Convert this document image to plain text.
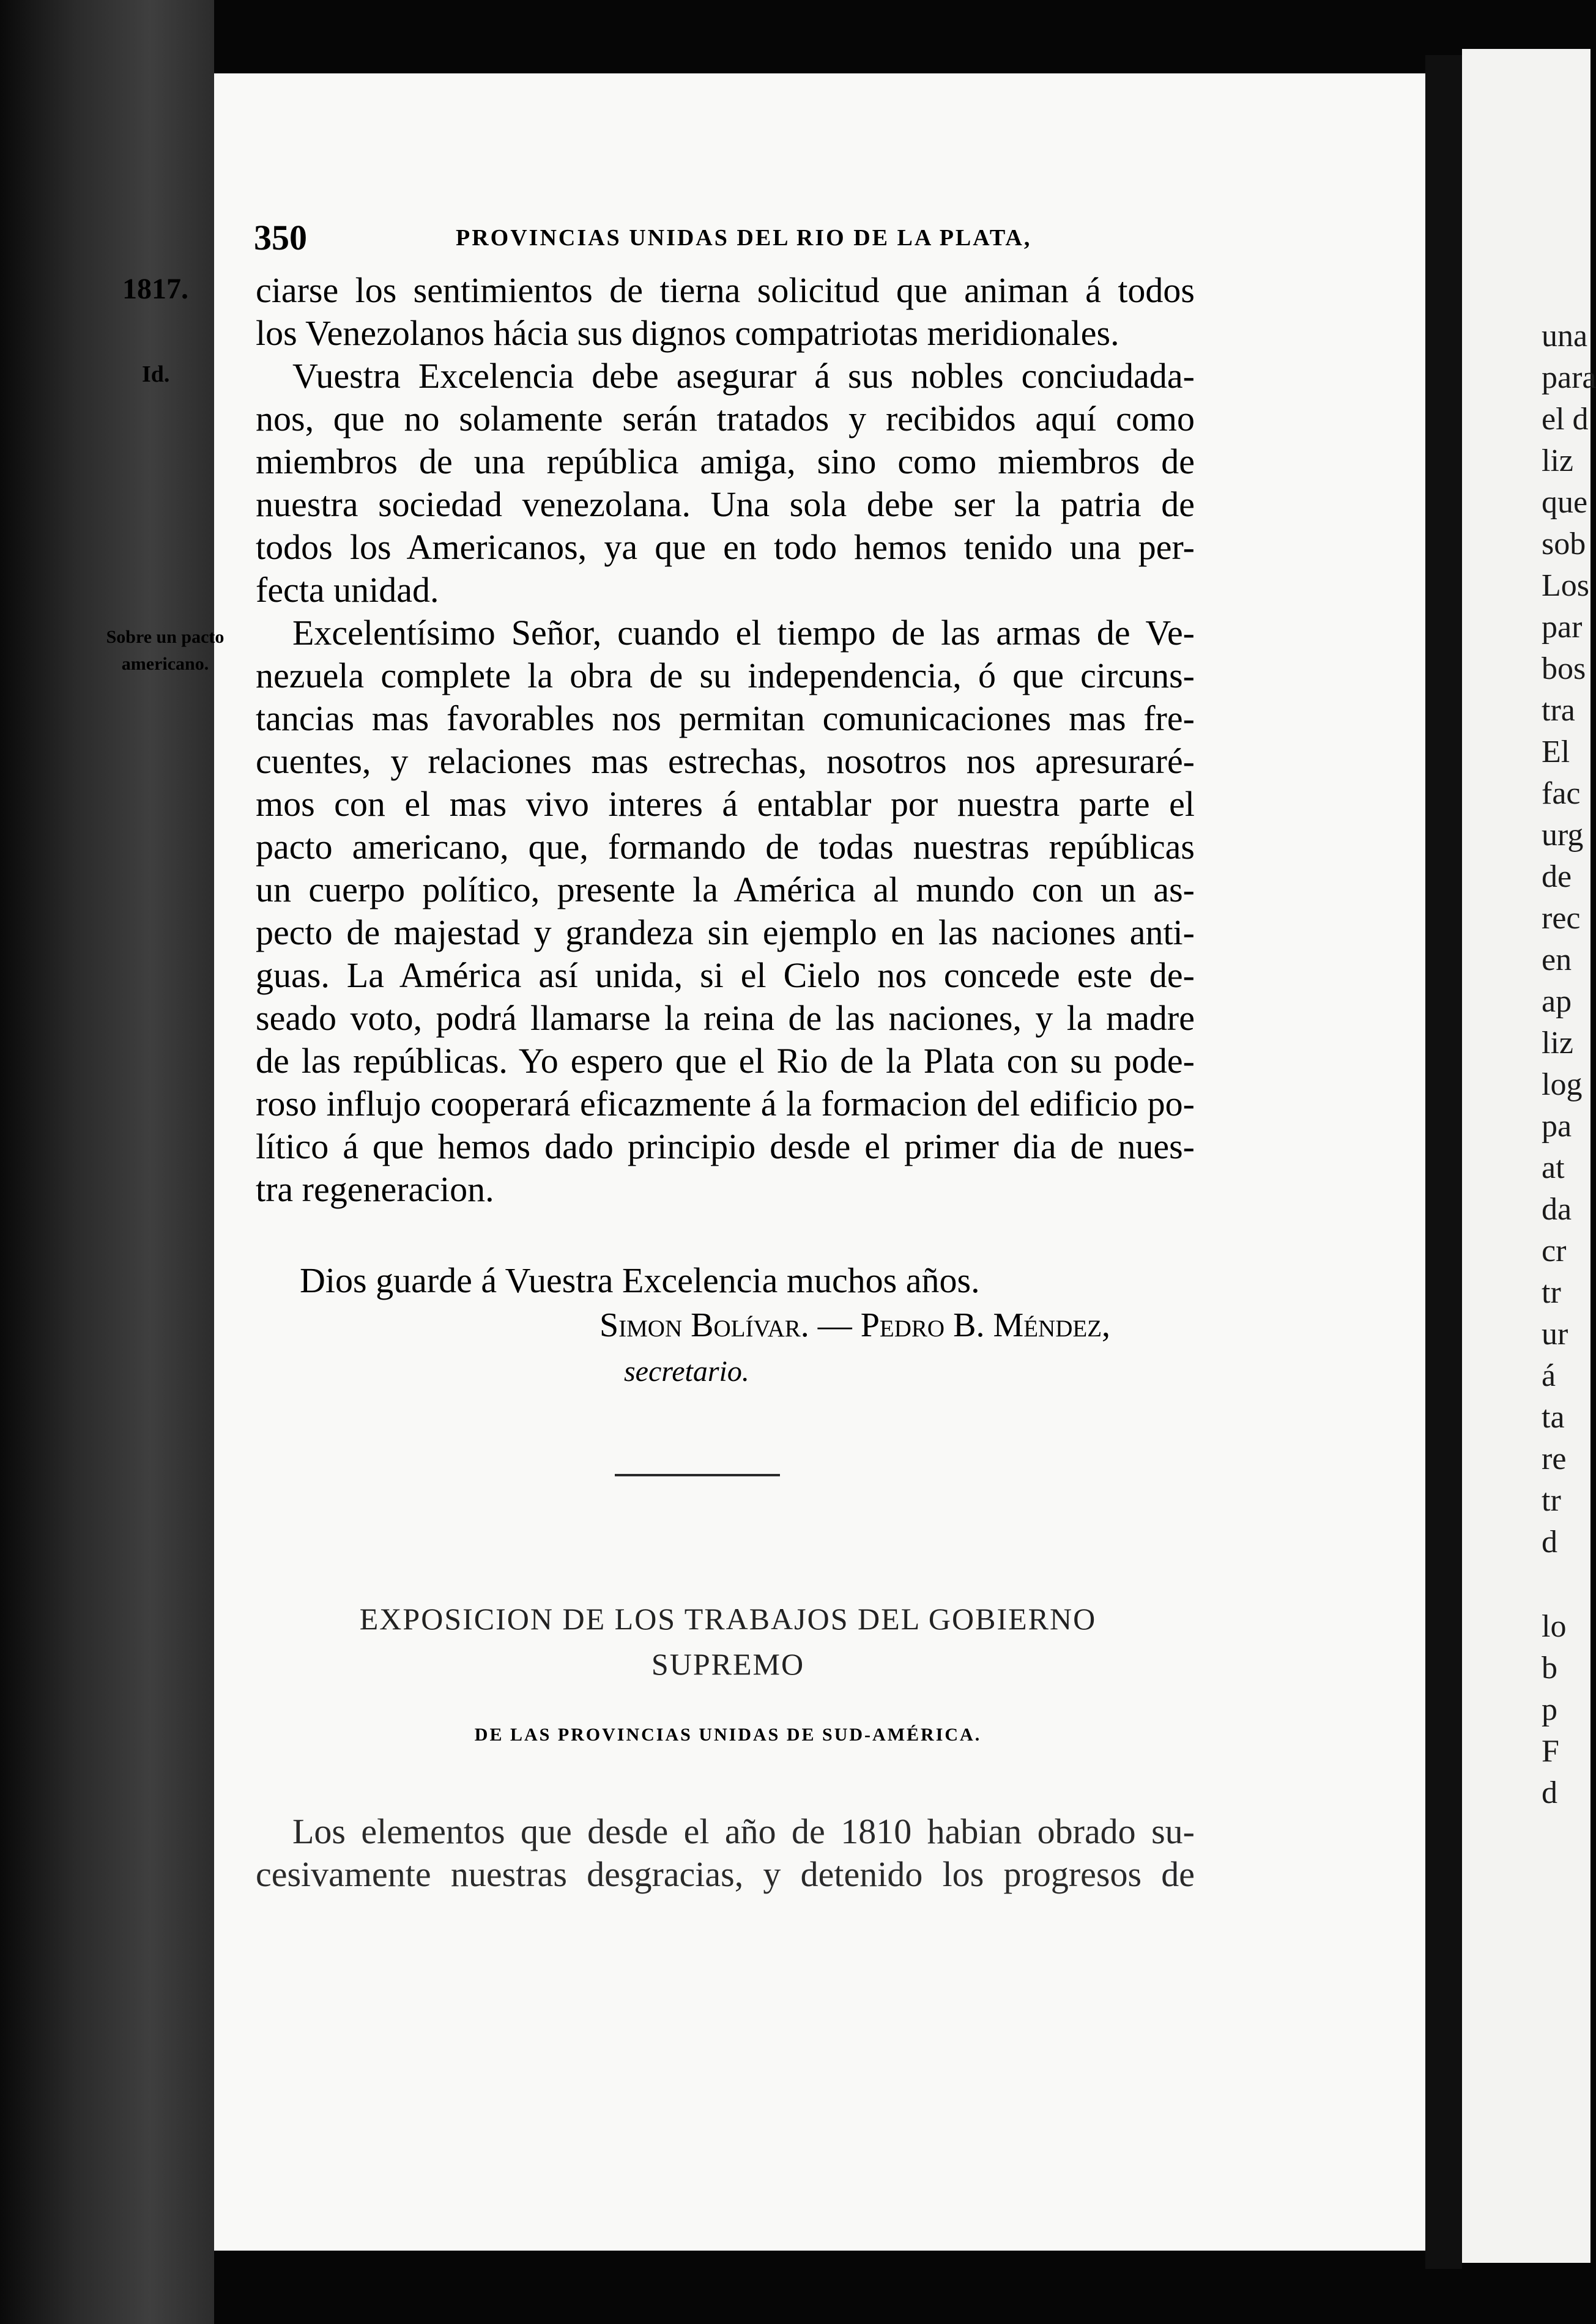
una
para
el d
liz
que
sob
Los
par
bos
tra
El
fac
urg
de
rec
en
ap
liz
log
pa
at
da
cr
tr
ur
á
ta
re
tr
d
lo
b
p
F
d
350	PROVINCIAS UNIDAS DEL RIO DE LA PLATA,
1817.
Id.
Sobre un pacto americano.
ciarse los sentimientos de tierna solicitud que animan á todos
los Venezolanos hácia sus dignos compatriotas meridionales.
Vuestra Excelencia debe asegurar á sus nobles conciudada-
nos, que no solamente serán tratados y recibidos aquí como
miembros de una república amiga, sino como miembros de
nuestra sociedad venezolana. Una sola debe ser la patria de
todos los Americanos, ya que en todo hemos tenido una per-
fecta unidad.
Excelentísimo Señor, cuando el tiempo de las armas de Ve-
nezuela complete la obra de su independencia, ó que circuns-
tancias mas favorables nos permitan comunicaciones mas fre-
cuentes, y relaciones mas estrechas, nosotros nos apresuraré-
mos con el mas vivo interes á entablar por nuestra parte el
pacto americano, que, formando de todas nuestras repúblicas
un cuerpo político, presente la América al mundo con un as-
pecto de majestad y grandeza sin ejemplo en las naciones anti-
guas. La América así unida, si el Cielo nos concede este de-
seado voto, podrá llamarse la reina de las naciones, y la madre
de las repúblicas. Yo espero que el Rio de la Plata con su pode-
roso influjo cooperará eficazmente á la formacion del edificio po-
lítico á que hemos dado principio desde el primer dia de nues-
tra regeneracion.
Dios guarde á Vuestra Excelencia muchos años.
Simon Bolívar. — Pedro B. Méndez,
secretario.
EXPOSICION DE LOS TRABAJOS DEL GOBIERNO
SUPREMO
DE LAS PROVINCIAS UNIDAS DE SUD-AMÉRICA.
Los elementos que desde el año de 1810 habian obrado su-
cesivamente nuestras desgracias, y detenido los progresos de
